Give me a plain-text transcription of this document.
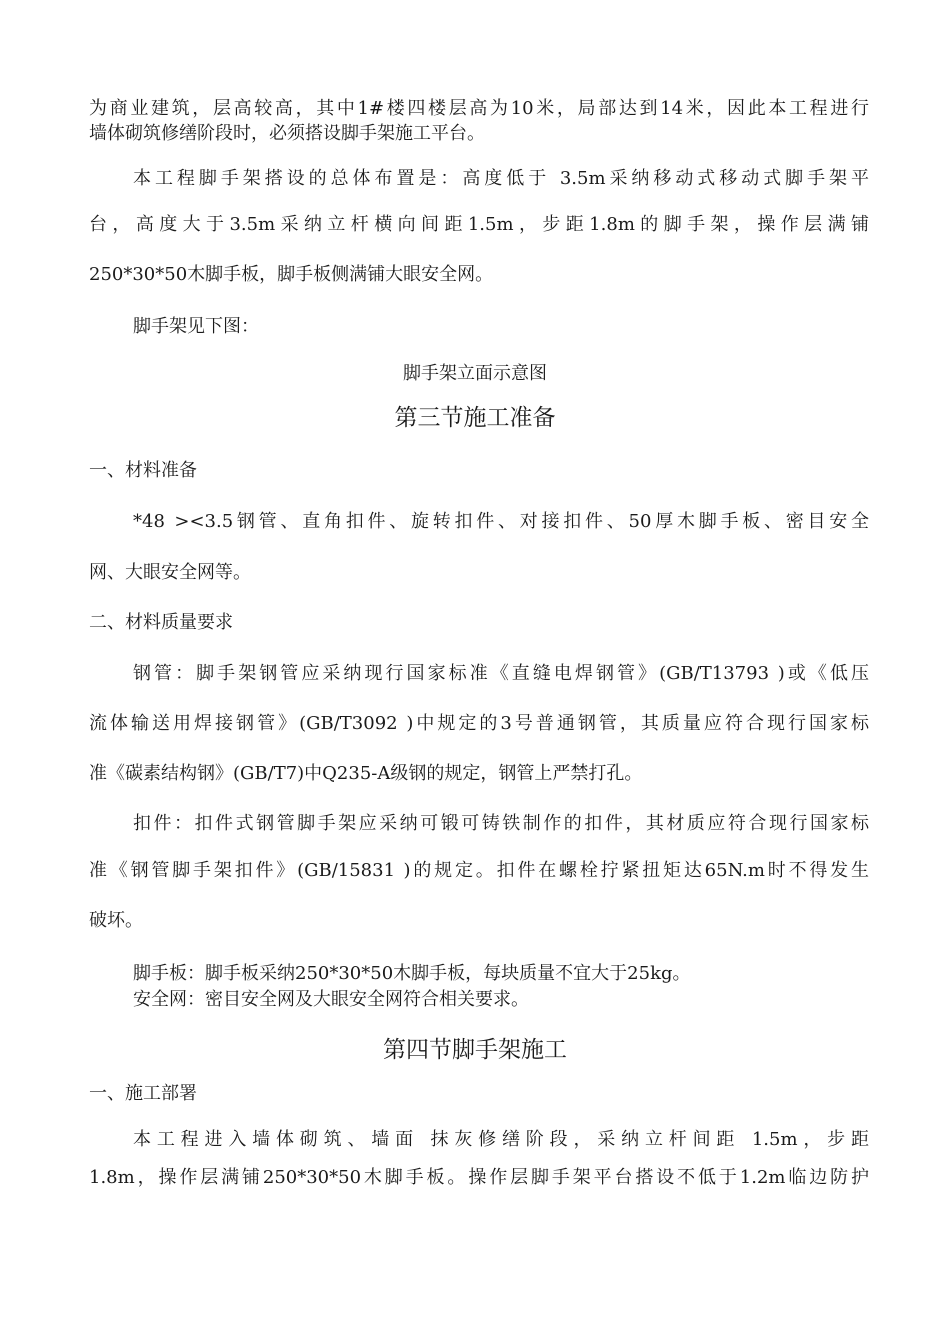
为商业建筑，层高较高，其中1#楼四楼层高为10米，局部达到14米，因此本工程进行
墙体砌筑修缮阶段时，必须搭设脚手架施工平台。
本工程脚手架搭设的总体布置是：高度低于 3.5m采纳移动式移动式脚手架平
台，高度大于3.5m采纳立杆横向间距1.5m，步距1.8m的脚手架，操作层满铺
250*30*50木脚手板，脚手板侧满铺大眼安全网。
脚手架见下图：
脚手架立面示意图
第三节施工准备
一、材料准备
*48 ><3.5钢管、直角扣件、旋转扣件、对接扣件、50厚木脚手板、密目安全
网、大眼安全网等。
二、材料质量要求
钢管：脚手架钢管应采纳现行国家标准《直缝电焊钢管》(GB/T13793 )或《低压
流体输送用焊接钢管》(GB/T3092 )中规定的3号普通钢管，其质量应符合现行国家标
准《碳素结构钢》(GB/T7)中Q235-A级钢的规定，钢管上严禁打孔。
扣件：扣件式钢管脚手架应采纳可锻可铸铁制作的扣件，其材质应符合现行国家标
准《钢管脚手架扣件》(GB/15831 )的规定。扣件在螺栓拧紧扭矩达65N.m时不得发生
破坏。
脚手板：脚手板采纳250*30*50木脚手板，每块质量不宜大于25kg。
安全网：密目安全网及大眼安全网符合相关要求。
第四节脚手架施工
一、施工部署
本工程进入墙体砌筑、墙面 抹灰修缮阶段，采纳立杆间距 1.5m，步距
1.8m，操作层满铺250*30*50木脚手板。操作层脚手架平台搭设不低于1.2m临边防护
